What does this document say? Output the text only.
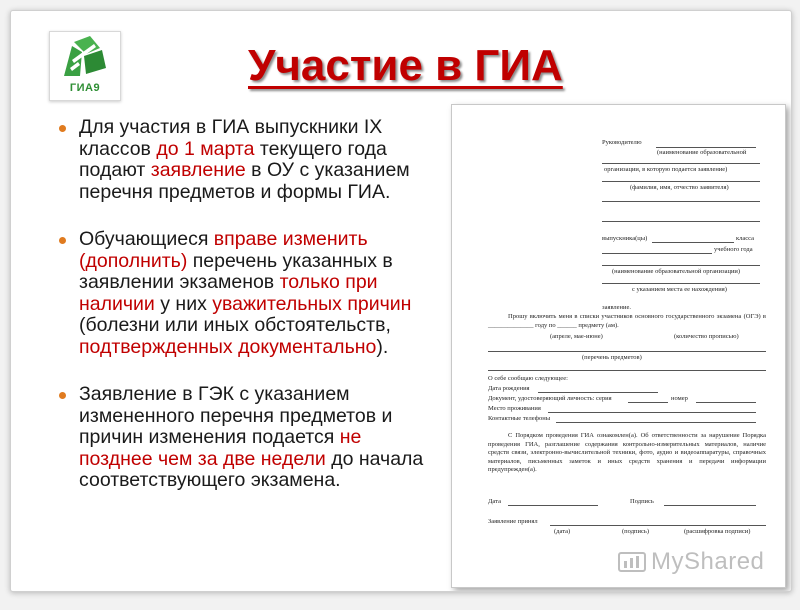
ГИА9	Участие в ГИА
Для участия в ГИА выпускники IX классов до 1 марта текущего года подают заявление в ОУ с указанием перечня предметов и формы ГИА.
Обучающиеся вправе изменить (дополнить) перечень указанных в заявлении экзаменов только при наличии у них уважительных причин (болезни или иных обстоятельств, подтвержденных документально).
Заявление в ГЭК с указанием измененного перечня предметов и причин изменения подается не позднее чем за две недели до начала соответствующего экзамена.
Руководителю
(наименование образовательной
организации, в которую подается заявление)
(фамилия, имя, отчество заявителя)
выпускника(цы)	класса
учебного года
(наименование образовательной организации)
с указанием места ее нахождения)
заявление.
Прошу включить меня в списки участников основного государственного экзамена (ОГЭ) в ______________ году по ______ предмету (ам).
(апреле, мае-июне)	(количество прописью)
(перечень предметов)
О себе сообщаю следующее:
Дата рождения
Документ, удостоверяющий личность: серия	номер
Место проживания
Контактные телефоны
С Порядком проведения ГИА ознакомлен(а). Об ответственности за нарушение Порядка проведения ГИА, разглашение содержания контрольно-измерительных материалов, наличие средств связи, электронно-вычислительной техники, фото, аудио и видеоаппаратуры, справочных материалов, письменных заметок и иных средств хранения и передачи информации предупрежден(а).
Дата	Подпись
Заявление принял
(дата)	(подпись)	(расшифровка подписи)
MyShared
